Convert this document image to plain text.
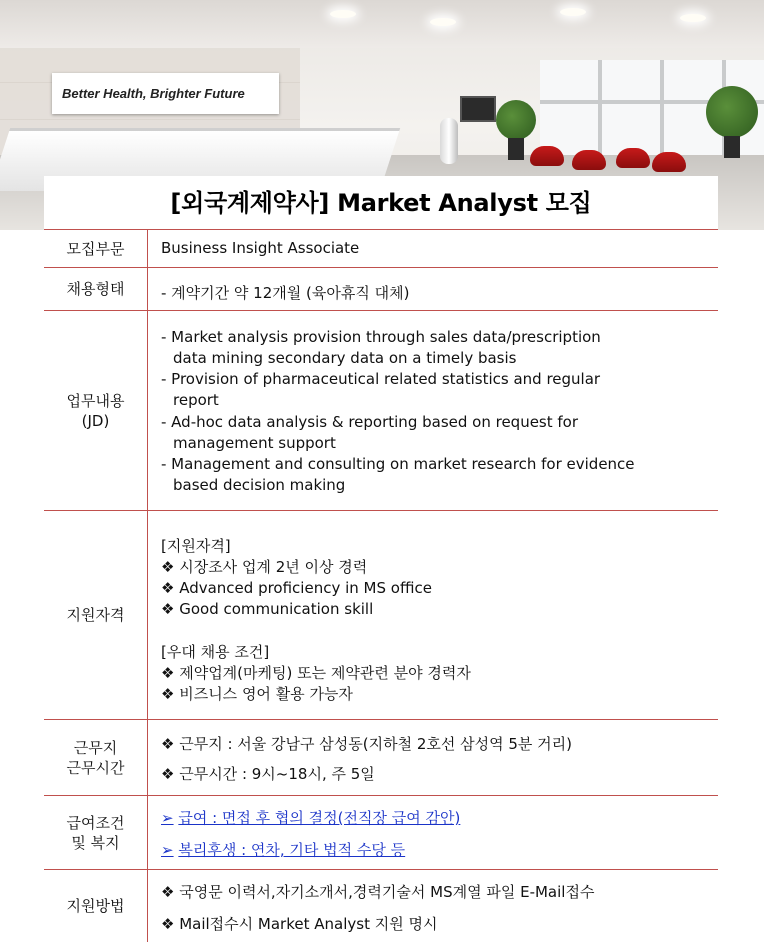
Better Health, Brighter Future
[외국계제약사] Market Analyst 모집
모집부문 Business Insight Associate
채용형태 - 계약기간 약 12개월 (육아휴직 대체)
업무내용
(JD)
- Market analysis provision through sales data/prescription
data mining secondary data on a timely basis
- Provision of pharmaceutical related statistics and regular
report
- Ad-hoc data analysis & reporting based on request for
management support
- Management and consulting on market research for evidence
based decision making
지원자격
[지원자격]
❖ 시장조사 업계 2년 이상 경력
❖ Advanced proficiency in MS office
❖ Good communication skill
[우대 채용 조건]
❖ 제약업계(마케팅) 또는 제약관련 분야 경력자
❖ 비즈니스 영어 활용 가능자
근무지
근무시간
❖ 근무지 : 서울 강남구 삼성동(지하철 2호선 삼성역 5분 거리)
❖ 근무시간 : 9시~18시, 주 5일
급여조건
및 복지
➢ 급여 : 면접 후 협의 결정(전직장 급여 감안)
➢ 복리후생 : 연차, 기타 법적 수당 등
지원방법
❖ 국영문 이력서,자기소개서,경력기술서 MS계열 파일 E-Mail접수
❖ Mail접수시 Market Analyst 지원 명시
